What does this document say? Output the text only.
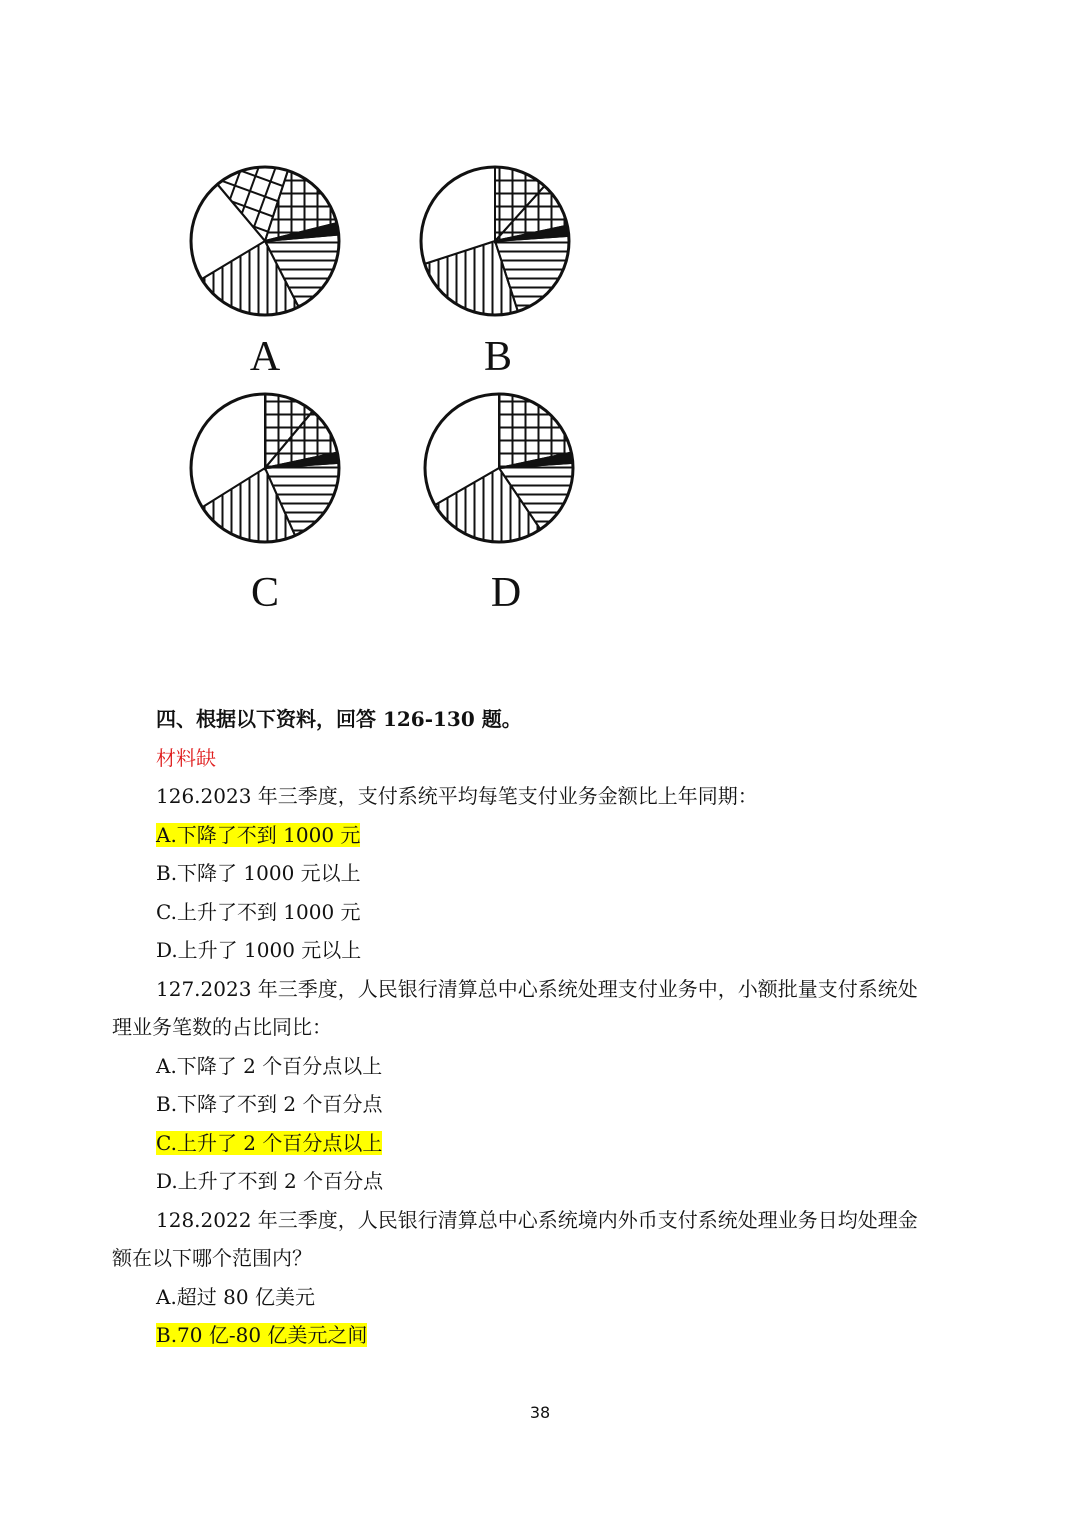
A	B
C	D
四、根据以下资料，回答 126-130 题。
材料缺
126.2023 年三季度，支付系统平均每笔支付业务金额比上年同期：
A.下降了不到 1000 元
B.下降了 1000 元以上
C.上升了不到 1000 元
D.上升了 1000 元以上
127.2023 年三季度，人民银行清算总中心系统处理支付业务中，小额批量支付系统处
理业务笔数的占比同比：
A.下降了 2 个百分点以上
B.下降了不到 2 个百分点
C.上升了 2 个百分点以上
D.上升了不到 2 个百分点
128.2022 年三季度，人民银行清算总中心系统境内外币支付系统处理业务日均处理金
额在以下哪个范围内？
A.超过 80 亿美元
B.70 亿-80 亿美元之间
38
